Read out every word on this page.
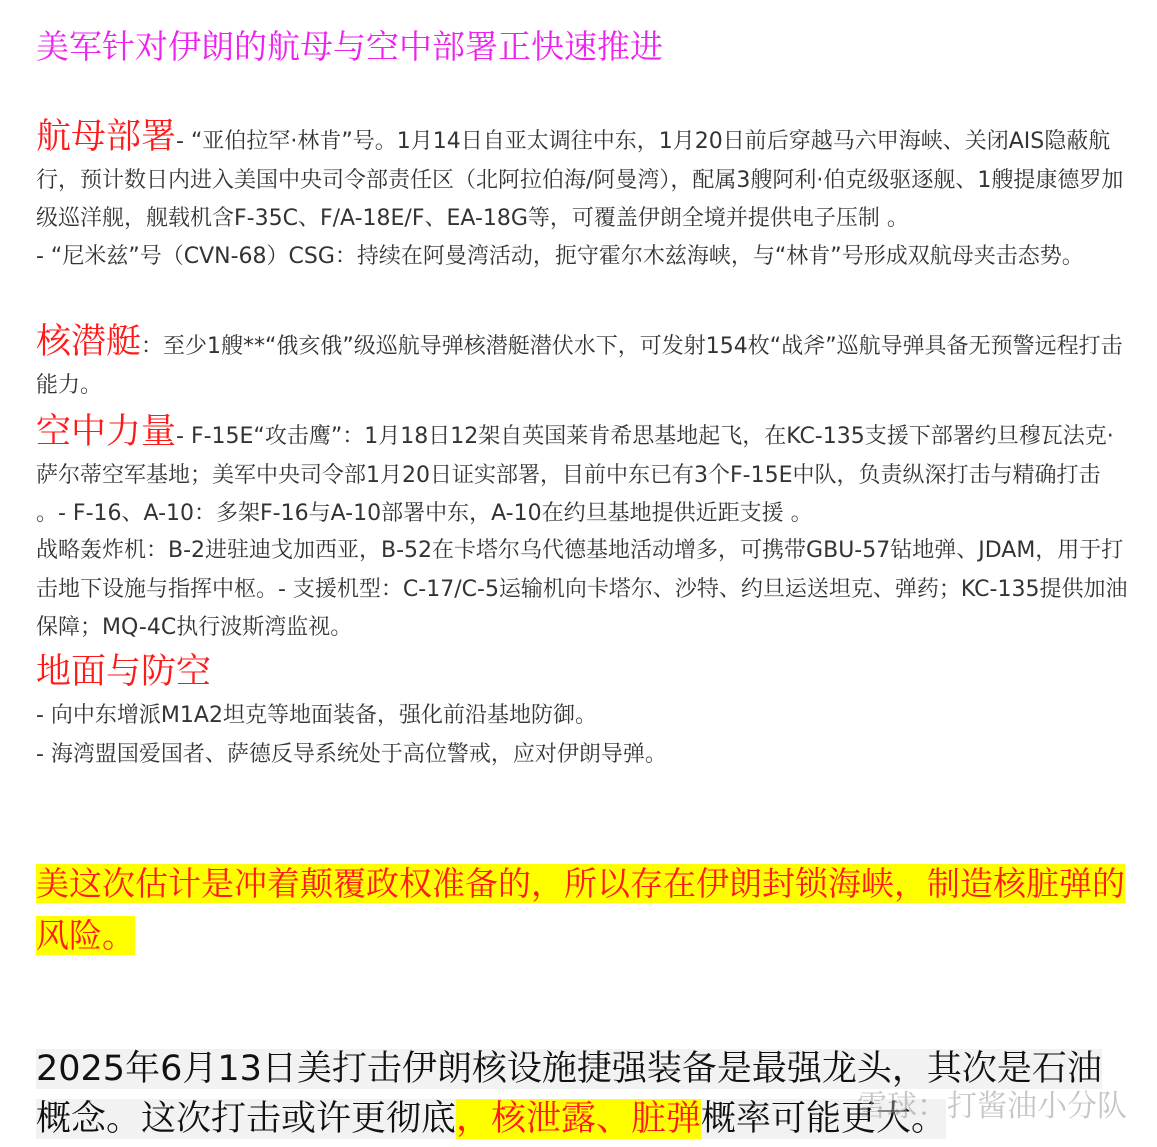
美军针对伊朗的航母与空中部署正快速推进
航母部署- “亚伯拉罕·林肯”号。1月14日自亚太调往中东，1月20日前后穿越马六甲海峡、关闭AIS隐蔽航行，预计数日内进入美国中央司令部责任区（北阿拉伯海/阿曼湾），配属3艘阿利·伯克级驱逐舰、1艘提康德罗加级巡洋舰，舰载机含F-35C、F/A-18E/F、EA-18G等，可覆盖伊朗全境并提供电子压制 。
- “尼米兹”号（CVN-68）CSG：持续在阿曼湾活动，扼守霍尔木兹海峡，与“林肯”号形成双航母夹击态势。
核潜艇：至少1艘**“俄亥俄”级巡航导弹核潜艇潜伏水下，可发射154枚“战斧”巡航导弹具备无预警远程打击能力。
空中力量- F-15E“攻击鹰”：1月18日12架自英国莱肯希思基地起飞，在KC-135支援下部署约旦穆瓦法克·萨尔蒂空军基地；美军中央司令部1月20日证实部署，目前中东已有3个F-15E中队，负责纵深打击与精确打击 。- F-16、A-10：多架F-16与A-10部署中东，A-10在约旦基地提供近距支援 。
战略轰炸机：B-2进驻迪戈加西亚，B-52在卡塔尔乌代德基地活动增多，可携带GBU-57钻地弹、JDAM，用于打击地下设施与指挥中枢。- 支援机型：C-17/C-5运输机向卡塔尔、沙特、约旦运送坦克、弹药；KC-135提供加油保障；MQ-4C执行波斯湾监视。
地面与防空
- 向中东增派M1A2坦克等地面装备，强化前沿基地防御。
- 海湾盟国爱国者、萨德反导系统处于高位警戒，应对伊朗导弹。
美这次估计是冲着颠覆政权准备的，所以存在伊朗封锁海峡，制造核脏弹的风险。
2025年6月13日美打击伊朗核设施捷强装备是最强龙头，其次是石油概念。这次打击或许更彻底，核泄露、脏弹概率可能更大。
雪球：打酱油小分队
